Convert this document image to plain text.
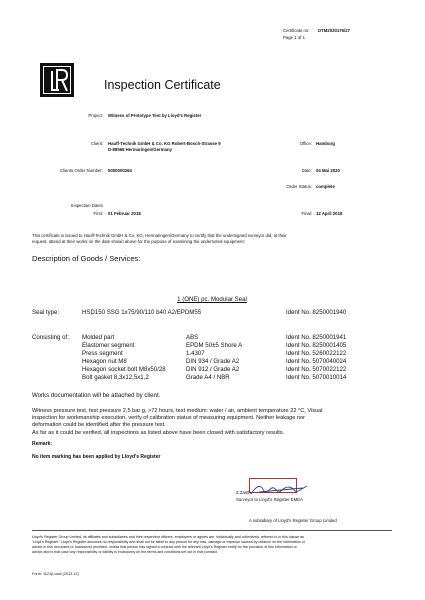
Certificate no: DTM2020176/27
Page 1 of 1
Inspection Certificate
Project: Witness of Prototype Test by Lloyd's Register
Client: Hauff-Technik GmbH & Co. KG Robert-Bosch-Strasse 9
D-89568 Hermaringen/Germany
Office: Hamburg
Clients Order Number: 5000000264	Date: 04 Mai 2020
Order Status: complete
Inspection Dates
First: 01 Februar 2018	Final: 12 April 2018
This certificate is issued to Hauff-Technik GmbH & Co. KG, Hermaringen/Germany to certify that the undersigned surveyor did, at their
request, attend at their works on the date shown above for the purpose of examining the undernoted equipment:
Description of Goods / Services:
1 (ONE) pc. Modular Seal
Seal type:	HSD150 SSG 1x75/90/110 b40 A2/EPDM55	Ident No. 8250001940
Consisting of: Molded part	ABS	Ident No. 8250001941
Elastomer segment	EPDM 50±5 Shore A	Ident No. 8250001405
Press segment	1.4307	Ident No. 5260022122
Hexagon nut M8	DIN 934 / Grade A2	Ident No. 5070040024
Hexagon socket bolt M8x50/28	DIN 912 / Grade A2	Ident No. 5070022122
Bolt gasket 8,3x12,5x1,2	Grade A4 / NBR	Ident No. 5070010014
Works documentation will be attached by client.
Witness pressure test, test pressure 2,5 bar g, >72 hours, test medium: water / air, ambient temperature 22 °C, Visual
inspection for workmanship execution, verify of calibration status of measuring equipment. Neither leakage nor
deformation could be identified after the pressure test.
As far as it could be verified, all inspections as listed above have been closed with satisfactory results.
Remark:
No item marking has been applied by Lloyd's Register
Z.Zanth
Surveyor to Lloyd's Register EMEA
A subsidiary of Lloyd's Register Group Limited
Lloyd's Register Group Limited, its affiliates and subsidiaries and their respective officers, employees or agents are, individually and collectively, referred to in this clause as
'Lloyd's Register'. Lloyd's Register assumes no responsibility and shall not be liable to any person for any loss, damage or expense caused by reliance on the information or
advice in this document or howsoever provided, unless that person has signed a contract with the relevant Lloyd's Register entity for the provision of this information or
advice and in that case any responsibility or liability is exclusively on the terms and conditions set out in that contract.
Form: 1121(Local (2013.12)
